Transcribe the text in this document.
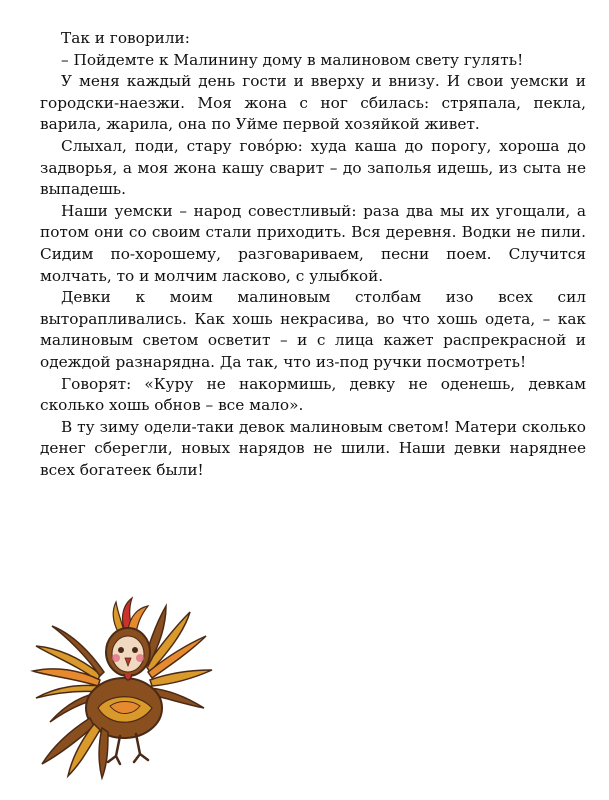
Так и говорили:

– Пойдемте к Малинину дому в малиновом свету гулять!

У меня каждый день гости и вверху и внизу. И свои уемски и городски-наезжи. Моя жона с ног сбилась: стряпала, пекла, варила, жарила, она по Уйме первой хозяйкой живет.

Слыхал, поди, стару говóрю: худа каша до порогу, хороша до задворья, а моя жона кашу сварит – до заполья идешь, из сыта не выпадешь.

Наши уемски – народ совестливый: раза два мы их угощали, а потом они со своим стали приходить. Вся деревня. Водки не пили. Сидим по-хорошему, разговариваем, песни поем. Случится молчать, то и молчим ласково, с улыбкой.

Девки к моим малиновым столбам изо всех сил выторапливались. Как хошь некрасива, во что хошь одета, – как малиновым светом осветит – и с лица кажет распрекрасной и одеждой разнарядна. Да так, что из-под ручки посмотреть!

Говорят: «Куру не накормишь, девку не оденешь, девкам сколько хошь обнов – все мало».

В ту зиму одели-таки девок малиновым светом! Матери сколько денег сберегли, новых нарядов не шили. Наши девки наряднее всех богатеек были!
